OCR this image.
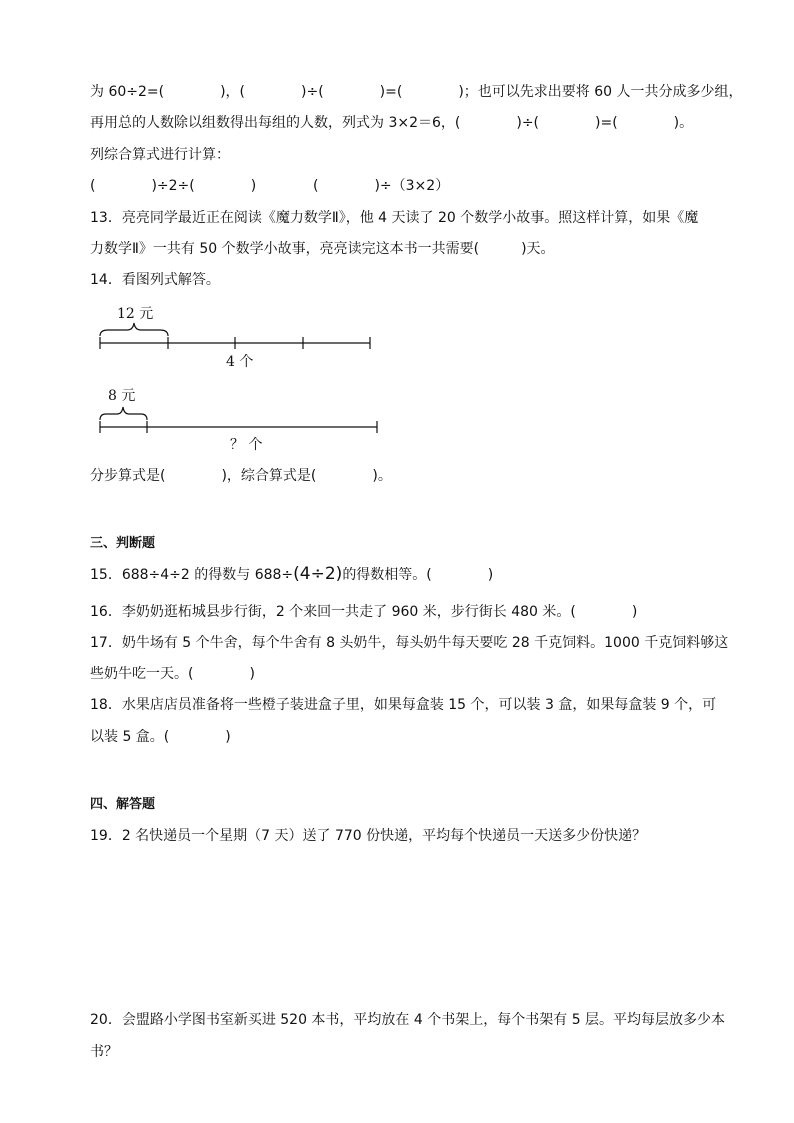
为 60÷2=(　　　　)，(　　　　)÷(　　　　)=(　　　　)；也可以先求出要将 60 人一共分成多少组，
再用总的人数除以组数得出每组的人数，列式为 3×2＝6，(　　　　)÷(　　　　)=(　　　　)。
列综合算式进行计算：
(　　　　)÷2÷(　　　　)	(　　　　)÷（3×2）
13．亮亮同学最近正在阅读《魔力数学Ⅱ》，他 4 天读了 20 个数学小故事。照这样计算，如果《魔
力数学Ⅱ》一共有 50 个数学小故事，亮亮读完这本书一共需要(　　　)天。
14．看图列式解答。
12 元
4 个
8 元
？ 个
分步算式是(　　　　)，综合算式是(　　　　)。
三、判断题
15．688÷4÷2 的得数与 688÷(4÷2)的得数相等。(　　　　)
16．李奶奶逛柘城县步行街，2 个来回一共走了 960 米，步行街长 480 米。(　　　　)
17．奶牛场有 5 个牛舍，每个牛舍有 8 头奶牛，每头奶牛每天要吃 28 千克饲料。1000 千克饲料够这
些奶牛吃一天。(　　　　)
18．水果店店员准备将一些橙子装进盒子里，如果每盒装 15 个，可以装 3 盒，如果每盒装 9 个，可
以装 5 盒。(　　　　)
四、解答题
19．2 名快递员一个星期（7 天）送了 770 份快递，平均每个快递员一天送多少份快递？
20．会盟路小学图书室新买进 520 本书，平均放在 4 个书架上，每个书架有 5 层。平均每层放多少本
书？
